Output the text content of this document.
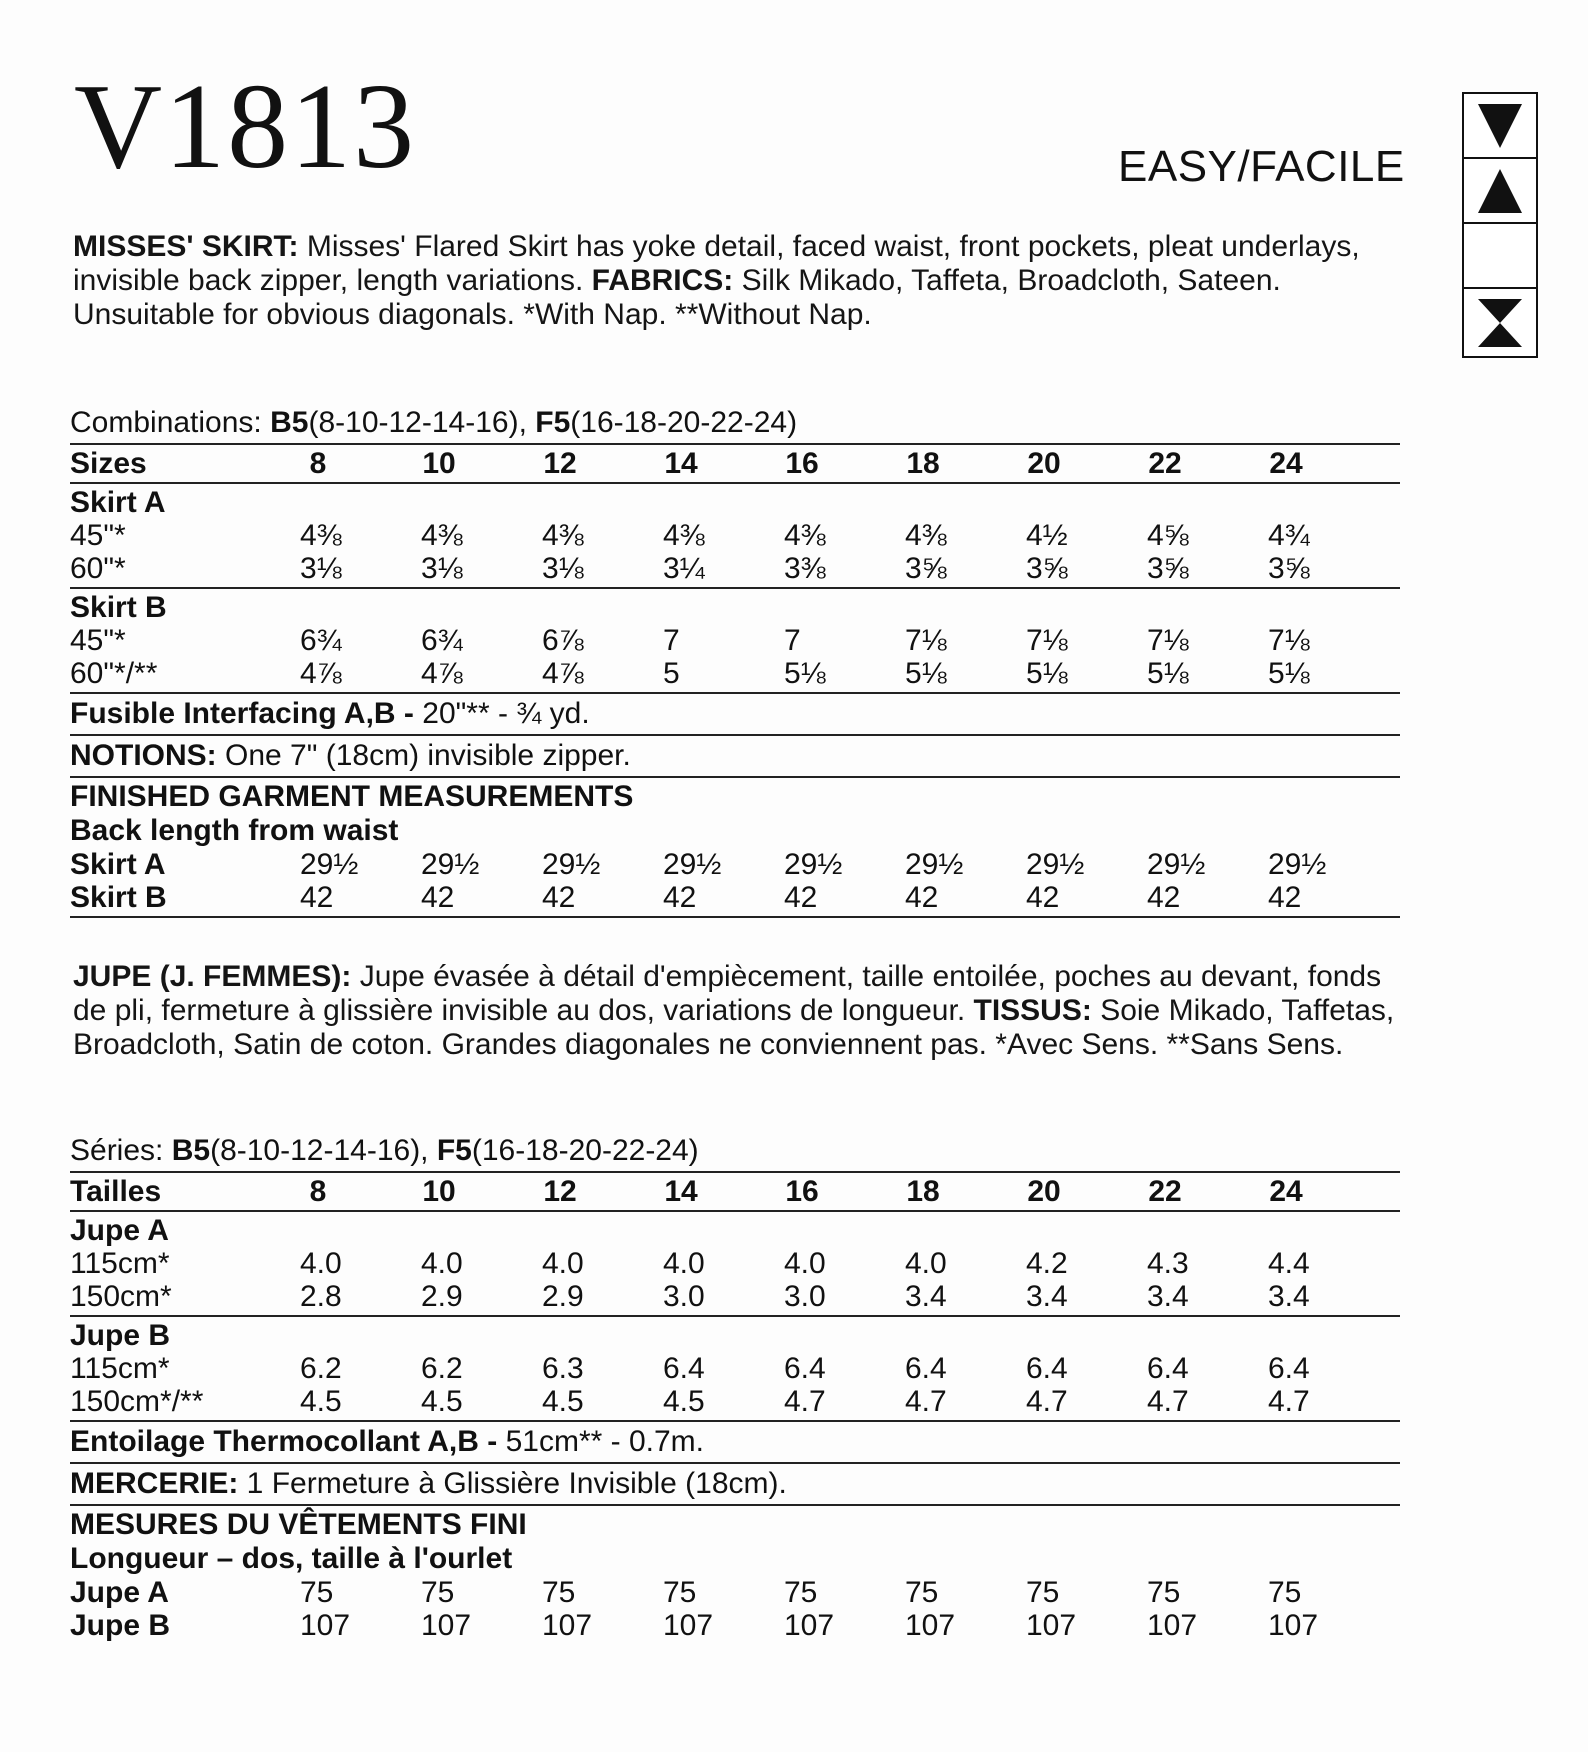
V1813	EASY/FACILE
MISSES' SKIRT: Misses' Flared Skirt has yoke detail, faced waist, front pockets, pleat underlays, invisible back zipper, length variations. FABRICS: Silk Mikado, Taffeta, Broadcloth, Sateen. Unsuitable for obvious diagonals. *With Nap. **Without Nap.
Combinations: B5(8-10-12-14-16), F5(16-18-20-22-24)
Sizes	8	10	12	14	16	18	20	22	24
Skirt A
45"*	4⅜	4⅜	4⅜	4⅜	4⅜	4⅜	4½	4⅝	4¾
60"*	3⅛	3⅛	3⅛	3¼	3⅜	3⅝	3⅝	3⅝	3⅝
Skirt B
45"*	6¾	6¾	6⅞	7	7	7⅛	7⅛	7⅛	7⅛
60"*/**	4⅞	4⅞	4⅞	5	5⅛	5⅛	5⅛	5⅛	5⅛
Fusible Interfacing A,B - 20"** - ¾ yd.
NOTIONS: One 7" (18cm) invisible zipper.
FINISHED GARMENT MEASUREMENTS
Back length from waist
Skirt A	29½ 29½ 29½ 29½ 29½ 29½ 29½ 29½ 29½
Skirt B	42	42	42	42	42	42	42	42	42
JUPE (J. FEMMES): Jupe évasée à détail d'empiècement, taille entoilée, poches au devant, fonds de pli, fermeture à glissière invisible au dos, variations de longueur. TISSUS: Soie Mikado, Taffetas, Broadcloth, Satin de coton. Grandes diagonales ne conviennent pas. *Avec Sens. **Sans Sens.
Séries: B5(8-10-12-14-16), F5(16-18-20-22-24)
Tailles	8	10	12	14	16	18	20	22	24
Jupe A
115cm*	4.0	4.0	4.0	4.0	4.0	4.0	4.2	4.3	4.4
150cm*	2.8	2.9	2.9	3.0	3.0	3.4	3.4	3.4	3.4
Jupe B
115cm*	6.2	6.2	6.3	6.4	6.4	6.4	6.4	6.4	6.4
150cm*/**	4.5	4.5	4.5	4.5	4.7	4.7	4.7	4.7	4.7
Entoilage Thermocollant A,B - 51cm** - 0.7m.
MERCERIE: 1 Fermeture à Glissière Invisible (18cm).
MESURES DU VÊTEMENTS FINI
Longueur – dos, taille à l'ourlet
Jupe A	75	75	75	75	75	75	75	75	75
Jupe B	107 107 107 107 107 107 107 107 107
